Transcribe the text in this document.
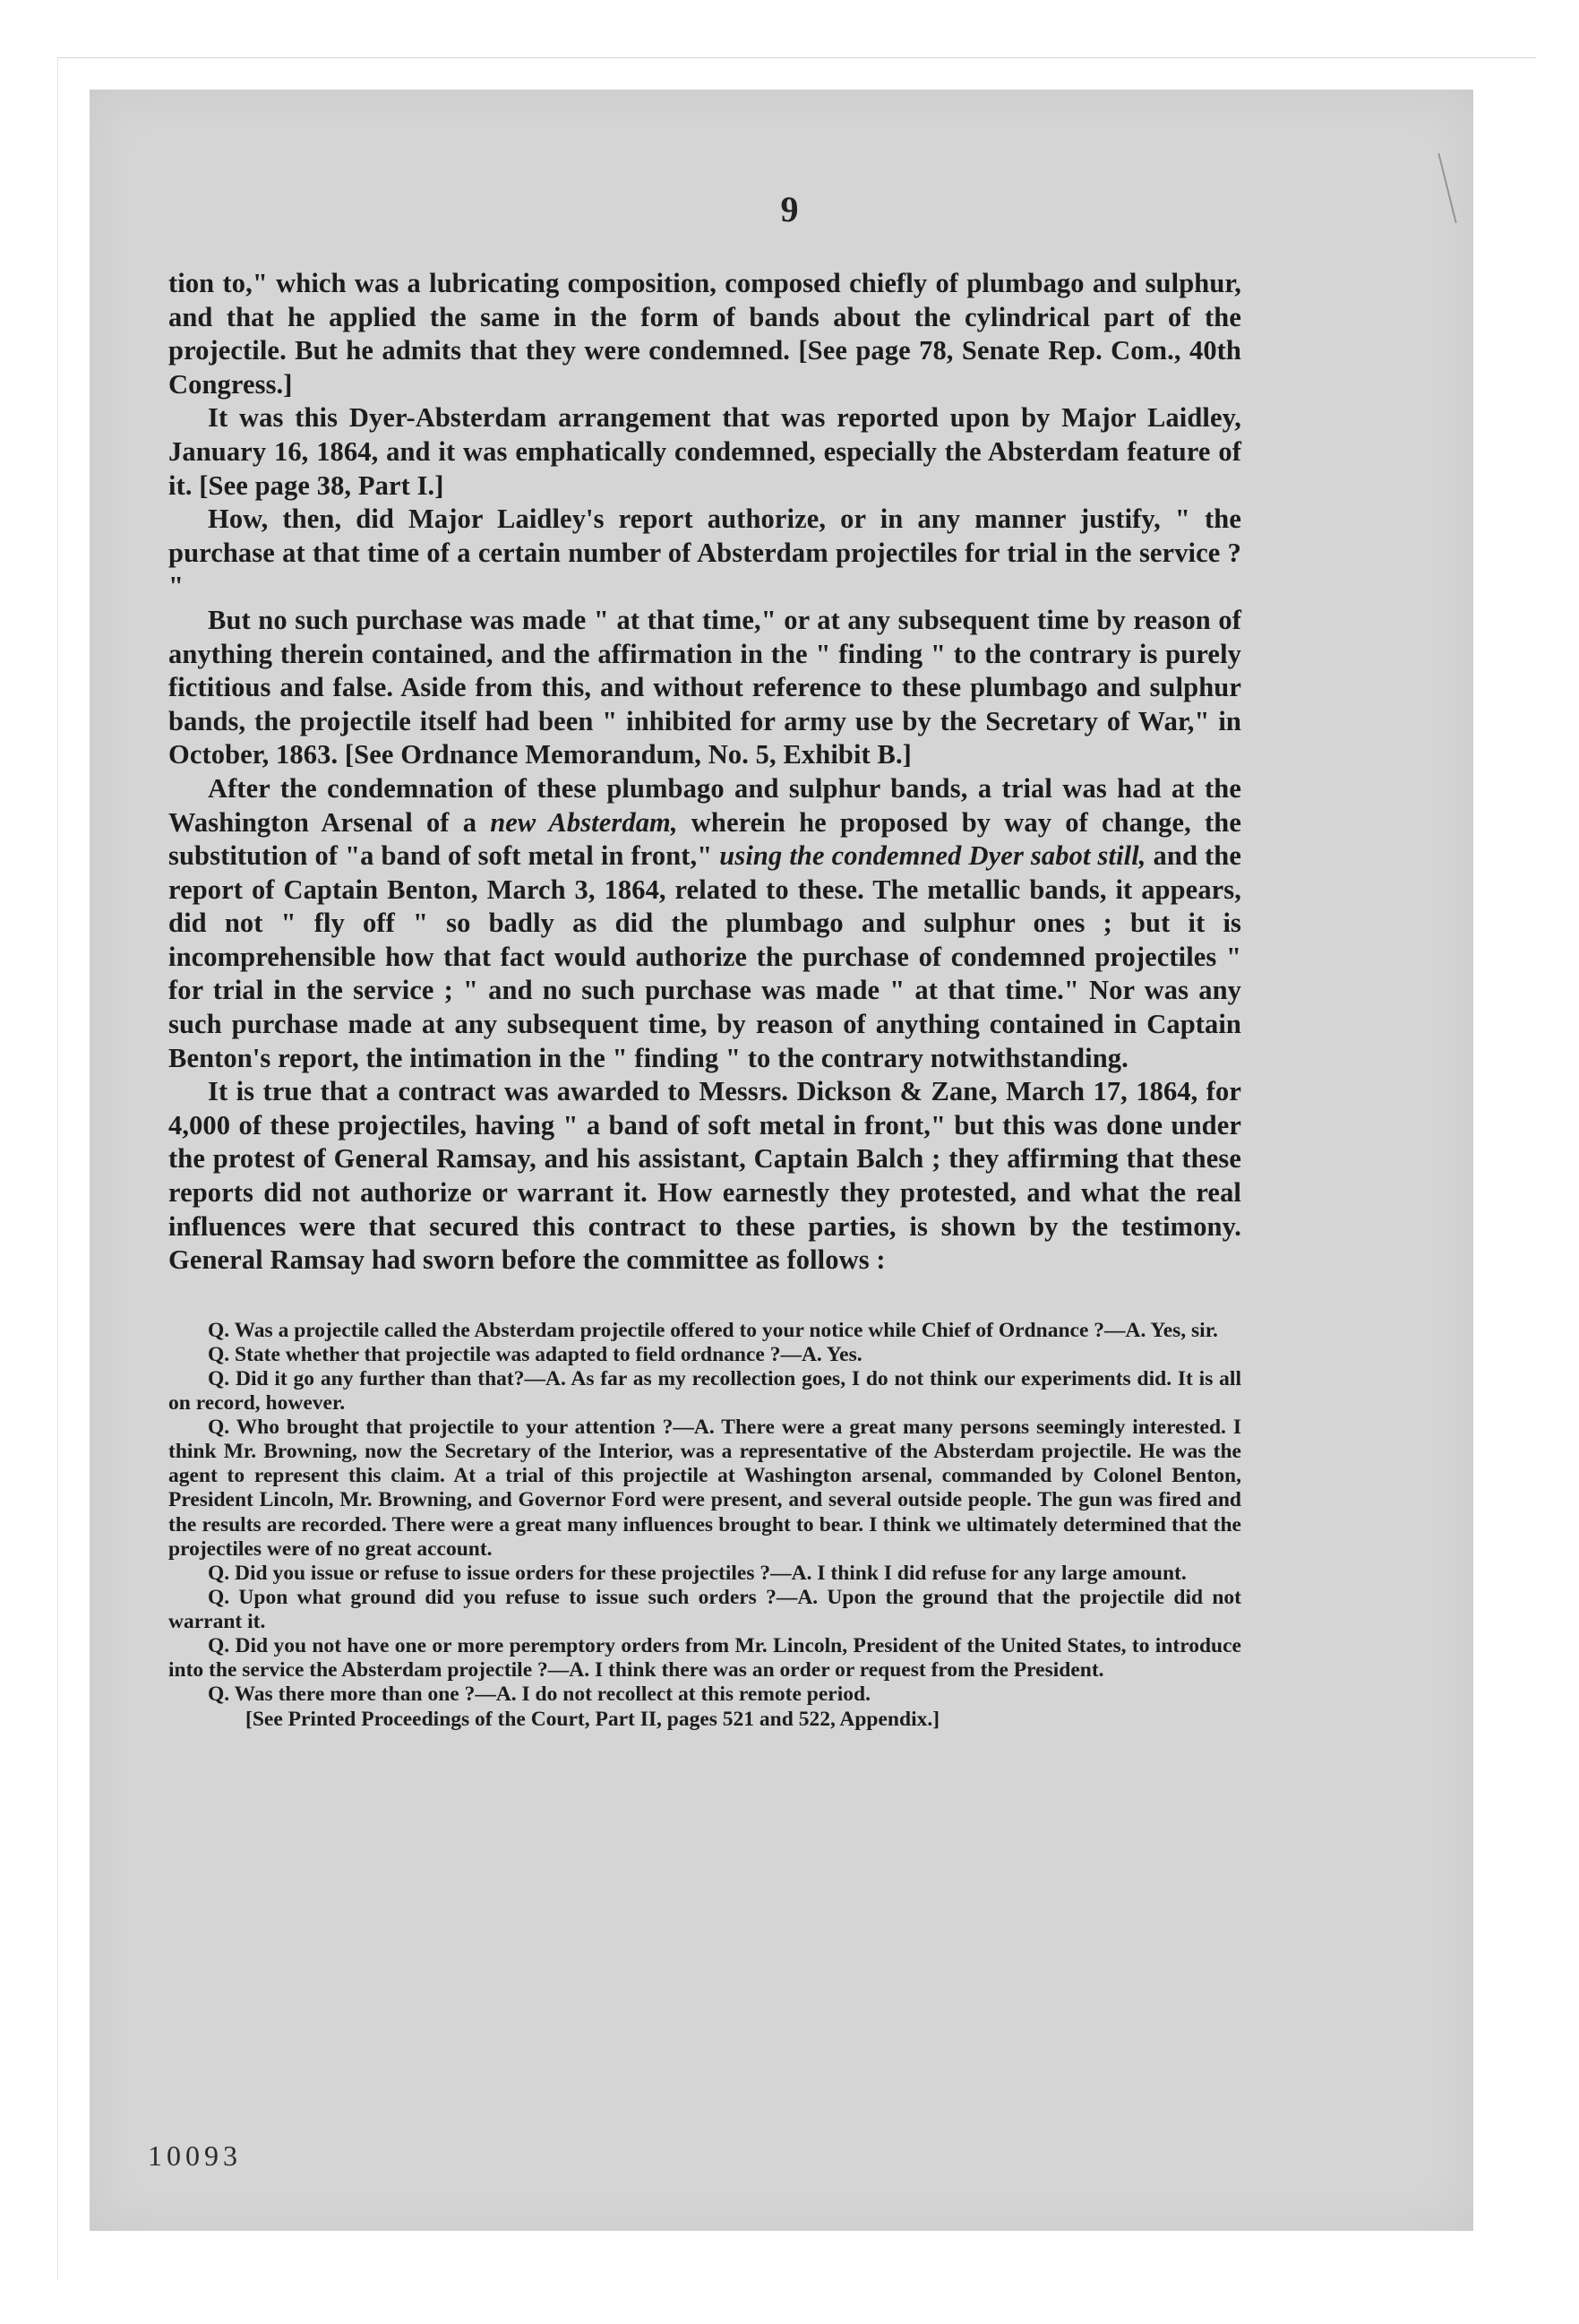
9

tion to," which was a lubricating composition, composed chiefly of plumbago and sulphur, and that he applied the same in the form of bands about the cylindrical part of the projectile. But he admits that they were condemned. [See page 78, Senate Rep. Com., 40th Congress.]

It was this Dyer-Absterdam arrangement that was reported upon by Major Laidley, January 16, 1864, and it was emphatically condemned, especially the Absterdam feature of it. [See page 38, Part I.]

How, then, did Major Laidley's report authorize, or in any manner justify, " the purchase at that time of a certain number of Absterdam projectiles for trial in the service ? "

But no such purchase was made " at that time," or at any subsequent time by reason of anything therein contained, and the affirmation in the " finding " to the contrary is purely fictitious and false. Aside from this, and without reference to these plumbago and sulphur bands, the projectile itself had been " inhibited for army use by the Secretary of War," in October, 1863. [See Ordnance Memorandum, No. 5, Exhibit B.]

After the condemnation of these plumbago and sulphur bands, a trial was had at the Washington Arsenal of a new Absterdam, wherein he proposed by way of change, the substitution of "a band of soft metal in front," using the condemned Dyer sabot still, and the report of Captain Benton, March 3, 1864, related to these. The metallic bands, it appears, did not " fly off " so badly as did the plumbago and sulphur ones ; but it is incomprehensible how that fact would authorize the purchase of condemned projectiles " for trial in the service ; " and no such purchase was made " at that time." Nor was any such purchase made at any subsequent time, by reason of anything contained in Captain Benton's report, the intimation in the " finding " to the contrary notwithstanding.

It is true that a contract was awarded to Messrs. Dickson & Zane, March 17, 1864, for 4,000 of these projectiles, having " a band of soft metal in front," but this was done under the protest of General Ramsay, and his assistant, Captain Balch ; they affirming that these reports did not authorize or warrant it. How earnestly they protested, and what the real influences were that secured this contract to these parties, is shown by the testimony. General Ramsay had sworn before the committee as follows :

Q. Was a projectile called the Absterdam projectile offered to your notice while Chief of Ordnance ?—A. Yes, sir.

Q. State whether that projectile was adapted to field ordnance ?—A. Yes.

Q. Did it go any further than that?—A. As far as my recollection goes, I do not think our experiments did. It is all on record, however.

Q. Who brought that projectile to your attention ?—A. There were a great many persons seemingly interested. I think Mr. Browning, now the Secretary of the Interior, was a representative of the Absterdam projectile. He was the agent to represent this claim. At a trial of this projectile at Washington arsenal, commanded by Colonel Benton, President Lincoln, Mr. Browning, and Governor Ford were present, and several outside people. The gun was fired and the results are recorded. There were a great many influences brought to bear. I think we ultimately determined that the projectiles were of no great account.

Q. Did you issue or refuse to issue orders for these projectiles ?—A. I think I did refuse for any large amount.

Q. Upon what ground did you refuse to issue such orders ?—A. Upon the ground that the projectile did not warrant it.

Q. Did you not have one or more peremptory orders from Mr. Lincoln, President of the United States, to introduce into the service the Absterdam projectile ?—A. I think there was an order or request from the President.

Q. Was there more than one ?—A. I do not recollect at this remote period.

[See Printed Proceedings of the Court, Part II, pages 521 and 522, Appendix.]

10093
